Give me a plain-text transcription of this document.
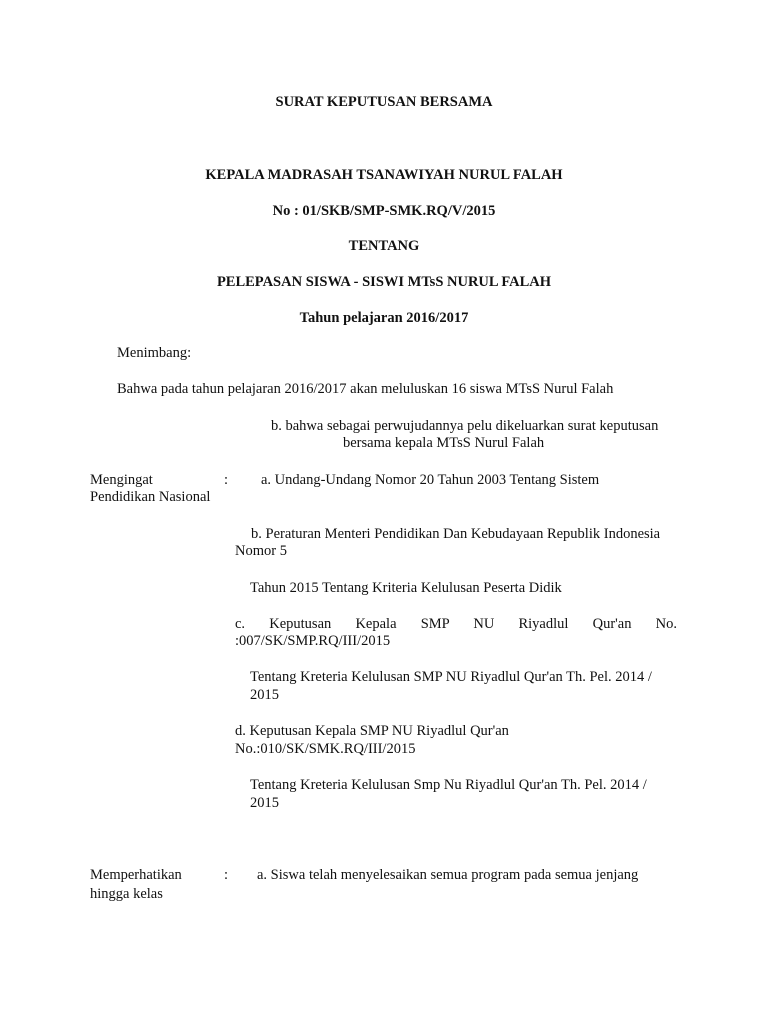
SURAT KEPUTUSAN BERSAMA

KEPALA MADRASAH TSANAWIYAH NURUL FALAH

No : 01/SKB/SMP-SMK.RQ/V/2015

TENTANG

PELEPASAN SISWA - SISWI MTsS NURUL FALAH

Tahun pelajaran 2016/2017

Menimbang:

Bahwa pada tahun pelajaran 2016/2017 akan meluluskan 16 siswa MTsS Nurul Falah

b. bahwa sebagai perwujudannya pelu dikeluarkan surat keputusan

bersama kepala MTsS Nurul Falah

Mengingat	: a. Undang-Undang Nomor 20 Tahun 2003 Tentang Sistem

Pendidikan Nasional

b. Peraturan Menteri Pendidikan Dan Kebudayaan Republik Indonesia

Nomor 5

Tahun 2015 Tentang Kriteria Kelulusan Peserta Didik

c. Keputusan Kepala SMP NU Riyadlul Qur'an No.

:007/SK/SMP.RQ/III/2015

Tentang Kreteria Kelulusan SMP NU Riyadlul Qur'an Th. Pel. 2014 /

2015

d. Keputusan Kepala SMP NU Riyadlul Qur'an

No.:010/SK/SMK.RQ/III/2015

Tentang Kreteria Kelulusan Smp Nu Riyadlul Qur'an Th. Pel. 2014 /

2015

Memperhatikan	: a. Siswa telah menyelesaikan semua program pada semua jenjang

hingga kelas
